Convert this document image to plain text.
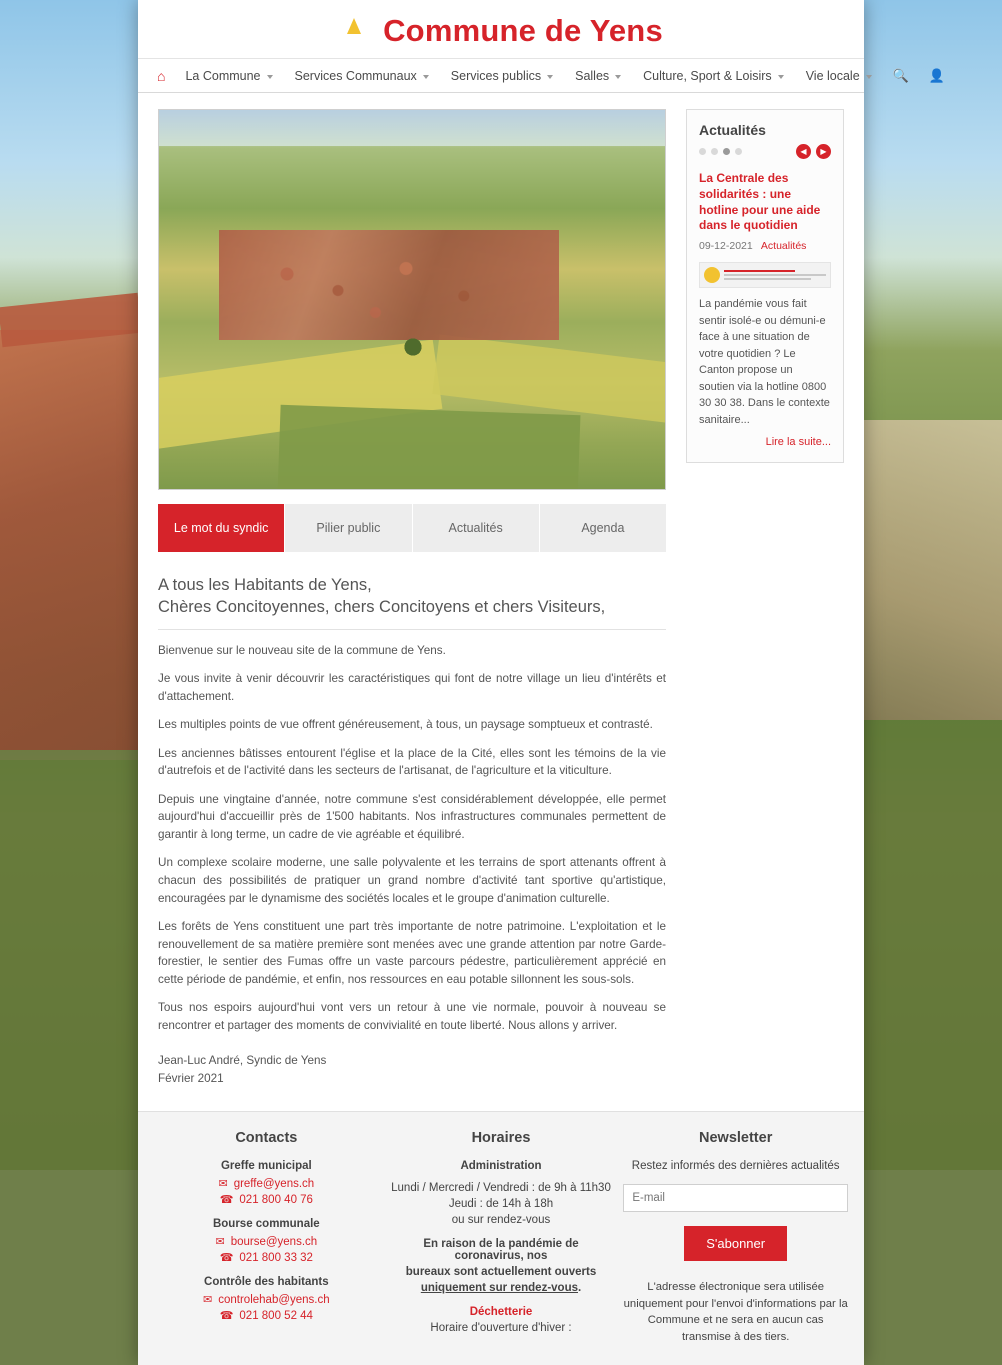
Commune de Yens
⌂	La Commune	Services Communaux	Services publics	Salles	Culture, Sport & Loisirs	Vie locale	🔍	👤
Le mot du syndic	Pilier public	Actualités	Agenda
A tous les Habitants de Yens,
Chères Concitoyennes, chers Concitoyens et chers Visiteurs,

Bienvenue sur le nouveau site de la commune de Yens.

Je vous invite à venir découvrir les caractéristiques qui font de notre village un lieu d'intérêts et d'attachement.

Les multiples points de vue offrent généreusement, à tous, un paysage somptueux et contrasté.

Les anciennes bâtisses entourent l'église et la place de la Cité, elles sont les témoins de la vie d'autrefois et de l'activité dans les secteurs de l'artisanat, de l'agriculture et la viticulture.

Depuis une vingtaine d'année, notre commune s'est considérablement développée, elle permet aujourd'hui d'accueillir près de 1'500 habitants. Nos infrastructures communales permettent de garantir à long terme, un cadre de vie agréable et équilibré.

Un complexe scolaire moderne, une salle polyvalente et les terrains de sport attenants offrent à chacun des possibilités de pratiquer un grand nombre d'activité tant sportive qu'artistique, encouragées par le dynamisme des sociétés locales et le groupe d'animation culturelle.

Les forêts de Yens constituent une part très importante de notre patrimoine. L'exploitation et le renouvellement de sa matière première sont menées avec une grande attention par notre Garde-forestier, le sentier des Fumas offre un vaste parcours pédestre, particulièrement apprécié en cette période de pandémie, et enfin, nos ressources en eau potable sillonnent les sous-sols.

Tous nos espoirs aujourd'hui vont vers un retour à une vie normale, pouvoir à nouveau se rencontrer et partager des moments de convivialité en toute liberté. Nous allons y arriver.

Jean-Luc André, Syndic de Yens

Février 2021

Actualités
◀	▶
La Centrale des solidarités : une hotline pour une aide dans le quotidien
09-12-2021 Actualités
La pandémie vous fait sentir isolé-e ou démuni-e face à une situation de votre quotidien ? Le Canton propose un soutien via la hotline 0800 30 30 38. Dans le contexte sanitaire...
Lire la suite...
Contacts
Greffe municipal
✉
greffe@yens.ch
☎
021 800 40 76
Bourse communale
✉
bourse@yens.ch
☎
021 800 33 32
Contrôle des habitants
✉
controlehab@yens.ch
☎
021 800 52 44
Horaires
Administration
Lundi / Mercredi / Vendredi : de 9h à 11h30
Jeudi : de 14h à 18h
ou sur rendez-vous
En raison de la pandémie de coronavirus, nos
bureaux sont actuellement ouverts
uniquement sur rendez-vous.
Déchetterie
Horaire d'ouverture d'hiver :
Newsletter
Restez informés des dernières actualités
E-mail
S'abonner
L'adresse électronique sera utilisée uniquement pour l'envoi d'informations par la Commune et ne sera en aucun cas transmise à des tiers.
